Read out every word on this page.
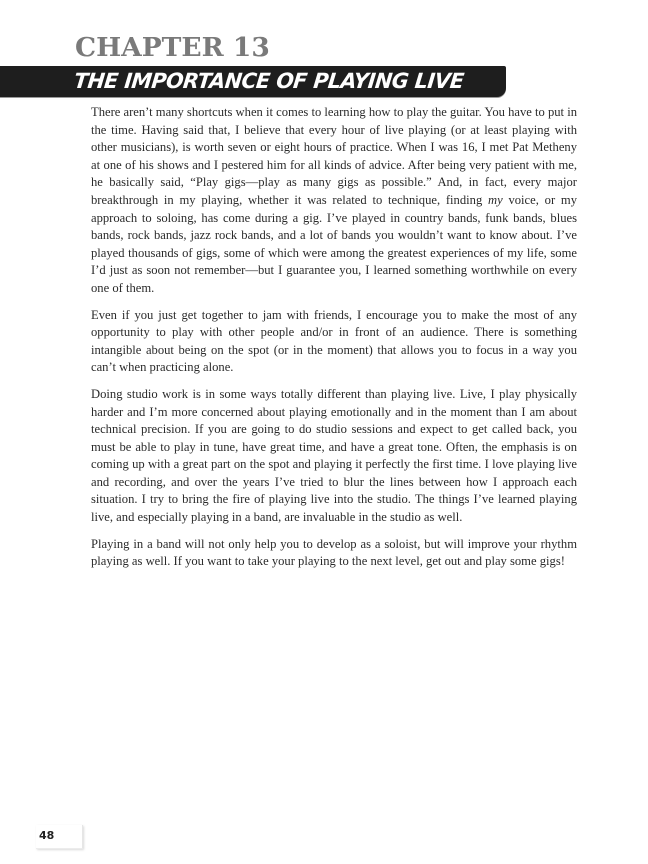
CHAPTER 13
THE IMPORTANCE OF PLAYING LIVE

There aren’t many shortcuts when it comes to learning how to play the guitar. You have to put in the time. Having said that, I believe that every hour of live playing (or at least playing with other musicians), is worth seven or eight hours of practice. When I was 16, I met Pat Metheny at one of his shows and I pestered him for all kinds of advice. After being very patient with me, he basically said, “Play gigs—play as many gigs as possible.” And, in fact, every major breakthrough in my playing, whether it was related to technique, finding my voice, or my approach to soloing, has come during a gig. I’ve played in country bands, funk bands, blues bands, rock bands, jazz rock bands, and a lot of bands you wouldn’t want to know about. I’ve played thousands of gigs, some of which were among the greatest experiences of my life, some I’d just as soon not remember—but I guarantee you, I learned something worthwhile on every one of them.

Even if you just get together to jam with friends, I encourage you to make the most of any opportunity to play with other people and/or in front of an audience. There is something intangible about being on the spot (or in the moment) that allows you to focus in a way you can’t when practicing alone.

Doing studio work is in some ways totally different than playing live. Live, I play physically harder and I’m more concerned about playing emotionally and in the moment than I am about technical precision. If you are going to do studio sessions and expect to get called back, you must be able to play in tune, have great time, and have a great tone. Often, the emphasis is on coming up with a great part on the spot and playing it perfectly the first time. I love playing live and recording, and over the years I’ve tried to blur the lines between how I approach each situation. I try to bring the fire of playing live into the studio. The things I’ve learned playing live, and especially playing in a band, are invaluable in the studio as well.

Playing in a band will not only help you to develop as a soloist, but will improve your rhythm playing as well. If you want to take your playing to the next level, get out and play some gigs!

48
